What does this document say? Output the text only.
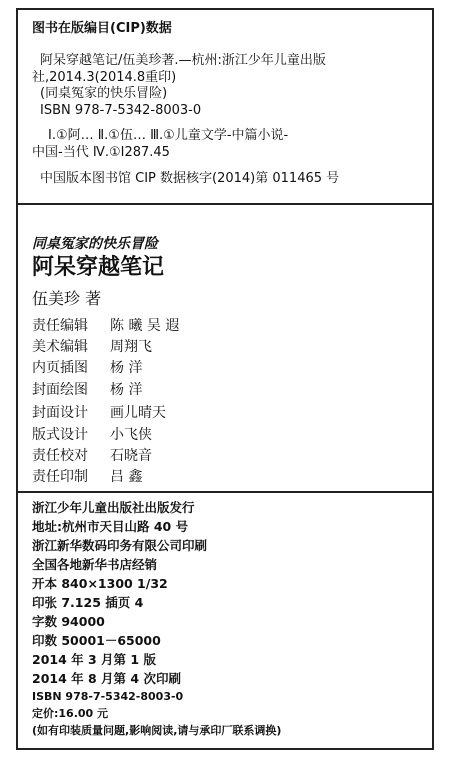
图书在版编目(CIP)数据
阿呆穿越笔记/伍美珍著.—杭州:浙江少年儿童出版
社,2014.3(2014.8重印)
(同桌冤家的快乐冒险)
ISBN 978-7-5342-8003-0
Ⅰ.①阿… Ⅱ.①伍… Ⅲ.①儿童文学-中篇小说-
中国-当代 Ⅳ.①I287.45
中国版本图书馆 CIP 数据核字(2014)第 011465 号
同桌冤家的快乐冒险
阿呆穿越笔记
伍美珍 著
责任编辑 陈 曦 吴 遐
美术编辑 周翔飞
内页插图 杨 洋
封面绘图 杨 洋
封面设计 画儿晴天
版式设计 小飞侠
责任校对 石晓音
责任印制 吕 鑫
浙江少年儿童出版社出版发行
地址:杭州市天目山路 40 号
浙江新华数码印务有限公司印刷
全国各地新华书店经销
开本 840×1300 1/32
印张 7.125 插页 4
字数 94000
印数 50001－65000
2014 年 3 月第 1 版
2014 年 8 月第 4 次印刷
ISBN 978-7-5342-8003-0
定价:16.00 元
(如有印装质量问题,影响阅读,请与承印厂联系调换)
